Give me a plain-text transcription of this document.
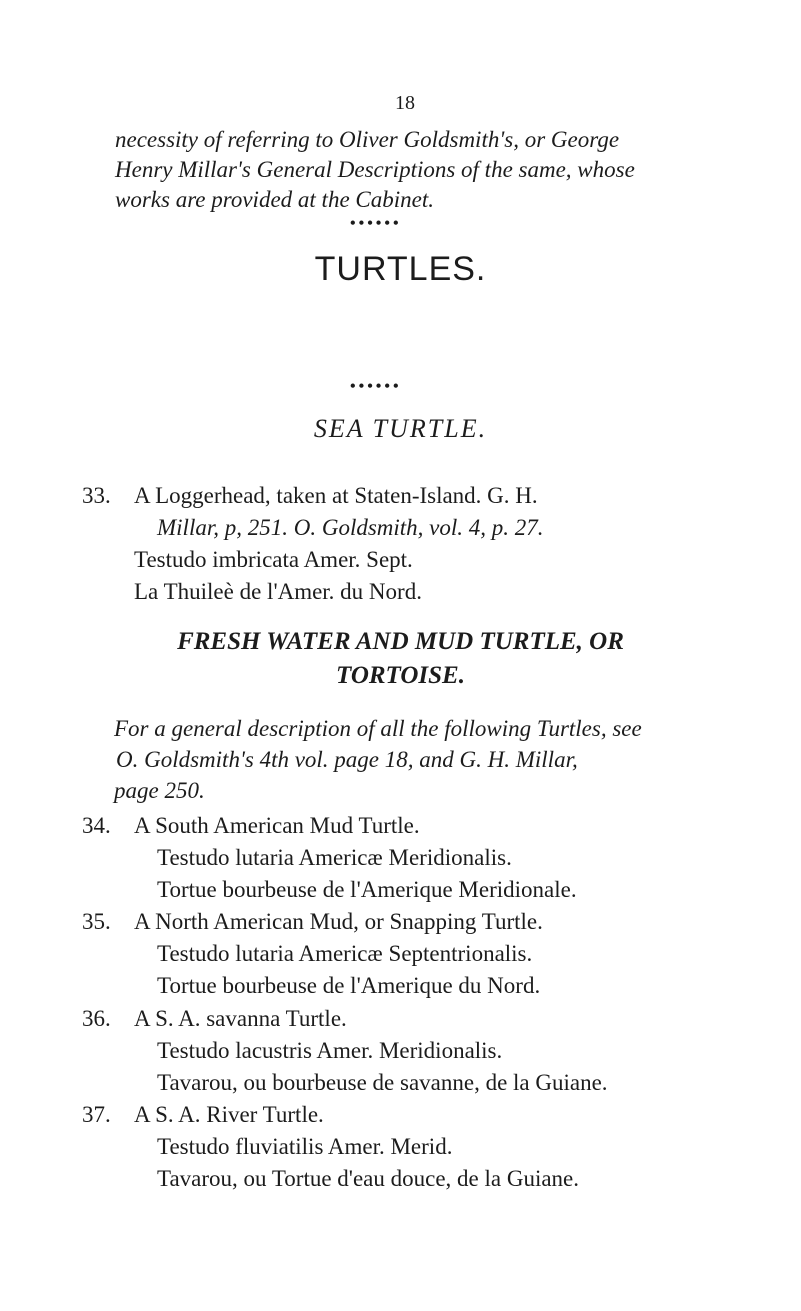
18
necessity of referring to Oliver Goldsmith's, or George
Henry Millar's General Descriptions of the same, whose
works are provided at the Cabinet.
••••••
TURTLES.
••••••
SEA TURTLE.
33. A Loggerhead, taken at Staten-Island. G. H.
Millar, p, 251. O. Goldsmith, vol. 4, p. 27.
Testudo imbricata Amer. Sept.
La Thuileè de l'Amer. du Nord.
FRESH WATER AND MUD TURTLE, OR
TORTOISE.
For a general description of all the following Turtles, see
O. Goldsmith's 4th vol. page 18, and G. H. Millar,
page 250.
34. A South American Mud Turtle.
Testudo lutaria Americæ Meridionalis.
Tortue bourbeuse de l'Amerique Meridionale.
35. A North American Mud, or Snapping Turtle.
Testudo lutaria Americæ Septentrionalis.
Tortue bourbeuse de l'Amerique du Nord.
36. A S. A. savanna Turtle.
Testudo lacustris Amer. Meridionalis.
Tavarou, ou bourbeuse de savanne, de la Guiane.
37. A S. A. River Turtle.
Testudo fluviatilis Amer. Merid.
Tavarou, ou Tortue d'eau douce, de la Guiane.
